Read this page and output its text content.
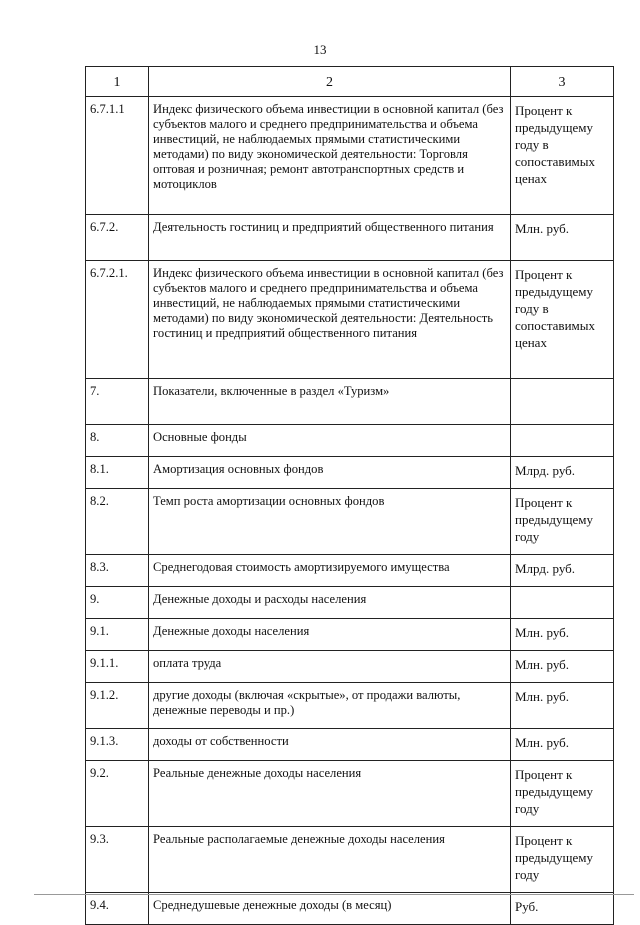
13
1	2	3
6.7.1.1	Индекс физического объема инвестиции в основной капитал (без субъектов малого и среднего предпринимательства и объема инвестиций, не наблюдаемых прямыми статистическими методами) по виду экономической деятельности: Торговля оптовая и розничная; ремонт автотранспортных средств и мотоциклов	Процент к предыдущему году в сопоставимых ценах
6.7.2.	Деятельность гостиниц и предприятий общественного питания	Млн. руб.
6.7.2.1.	Индекс физического объема инвестиции в основной капитал (без субъектов малого и среднего предпринимательства и объема инвестиций, не наблюдаемых прямыми статистическими методами) по виду экономической деятельности: Деятельность гостиниц и предприятий общественного питания	Процент к предыдущему году в сопоставимых ценах
7.	Показатели, включенные в раздел «Туризм»	
8.	Основные фонды	
8.1.	Амортизация основных фондов	Млрд. руб.
8.2.	Темп роста амортизации основных фондов	Процент к предыдущему году
8.3.	Среднегодовая стоимость амортизируемого имущества	Млрд. руб.
9.	Денежные доходы и расходы населения	
9.1.	Денежные доходы населения	Млн. руб.
9.1.1.	оплата труда	Млн. руб.
9.1.2.	другие доходы (включая «скрытые», от продажи валюты, денежные переводы и пр.)	Млн. руб.
9.1.3.	доходы от собственности	Млн. руб.
9.2.	Реальные денежные доходы населения	Процент к предыдущему году
9.3.	Реальные располагаемые денежные доходы населения	Процент к предыдущему году
9.4.	Среднедушевые денежные доходы (в месяц)	Руб.
